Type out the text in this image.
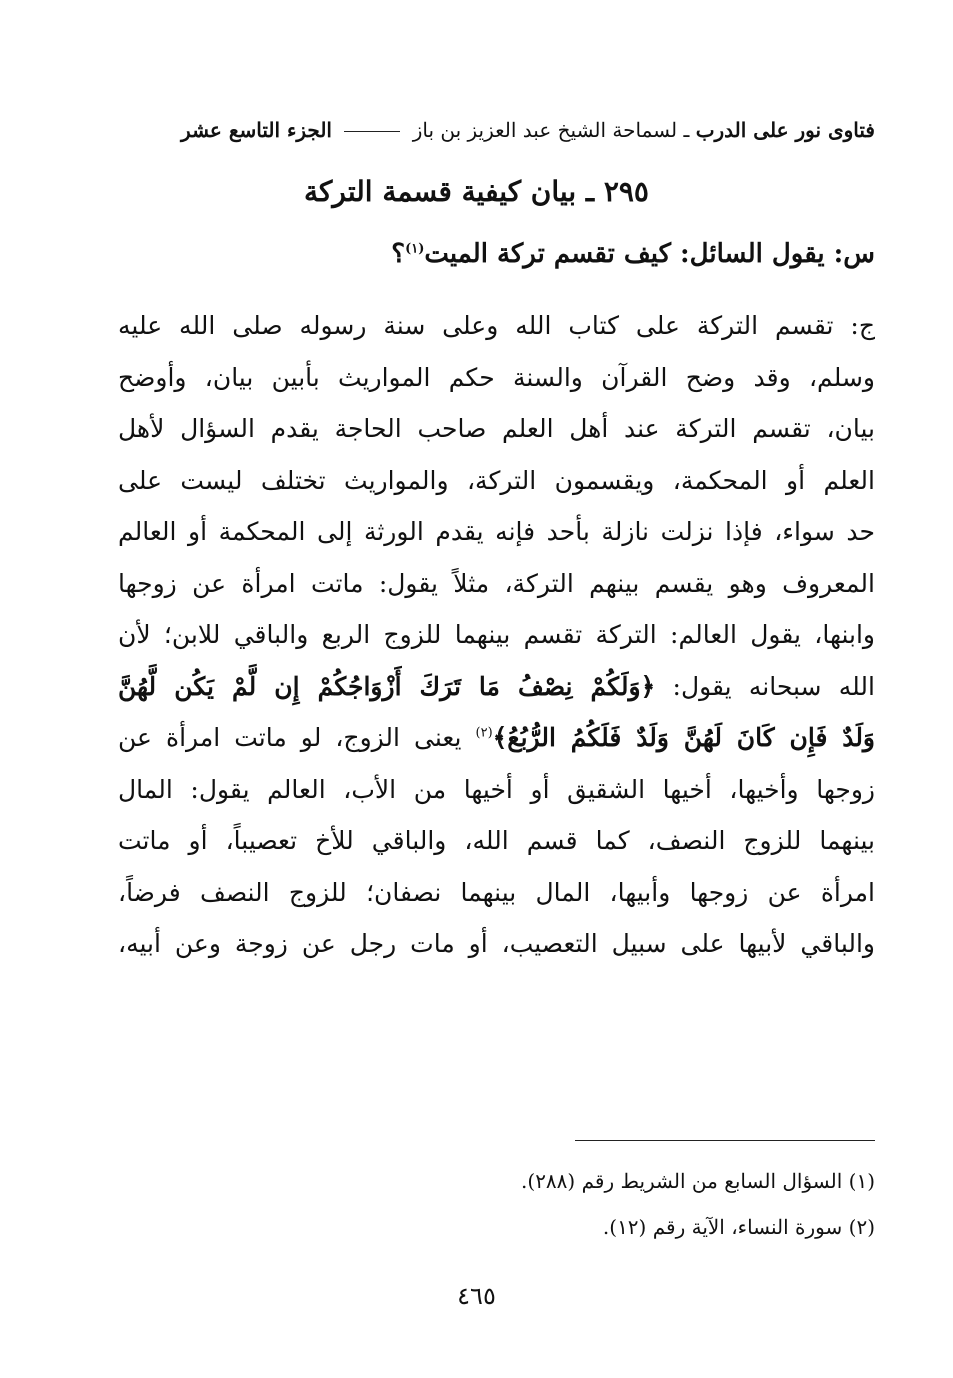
فتاوى نور على الدرب ـ لسماحة الشيخ عبد العزيز بن باز  الجزء التاسع عشر
٢٩٥ ـ بيان كيفية قسمة التركة
س: يقول السائل: كيف تقسم تركة الميت$^{(١)}$؟
ج: تقسم التركة على كتاب الله وعلى سنة رسوله صلى الله عليه
وسلم، وقد وضح القرآن والسنة حكم المواريث بأبين بيان، وأوضح
بيان، تقسم التركة عند أهل العلم صاحب الحاجة يقدم السؤال لأهل
العلم أو المحكمة، ويقسمون التركة، والمواريث تختلف ليست على
حد سواء، فإذا نزلت نازلة بأحد فإنه يقدم الورثة إلى المحكمة أو العالم
المعروف وهو يقسم بينهم التركة، مثلاً يقول: ماتت امرأة عن زوجها
وابنها، يقول العالم: التركة تقسم بينهما للزوج الربع والباقي للابن؛ لأن
الله سبحانه يقول: ﴿وَلَكُمْ نِصْفُ مَا تَرَكَ أَزْوَاجُكُمْ إِن لَّمْ يَكُن لَّهُنَّ
وَلَدٌ فَإِن كَانَ لَهُنَّ وَلَدٌ فَلَكُمُ الرُّبُعُ﴾$^{(٢)}$ يعنى الزوج، لو ماتت امرأة عن
زوجها وأخيها، أخيها الشقيق أو أخيها من الأب، العالم يقول: المال
بينهما للزوج النصف، كما قسم الله، والباقي للأخ تعصيباً، أو ماتت
امرأة عن زوجها وأبيها، المال بينهما نصفان؛ للزوج النصف فرضاً،
والباقي لأبيها على سبيل التعصيب، أو مات رجل عن زوجة وعن أبيه،
(١) السؤال السابع من الشريط رقم (٢٨٨).
(٢) سورة النساء، الآية رقم (١٢).
٤٦٥
